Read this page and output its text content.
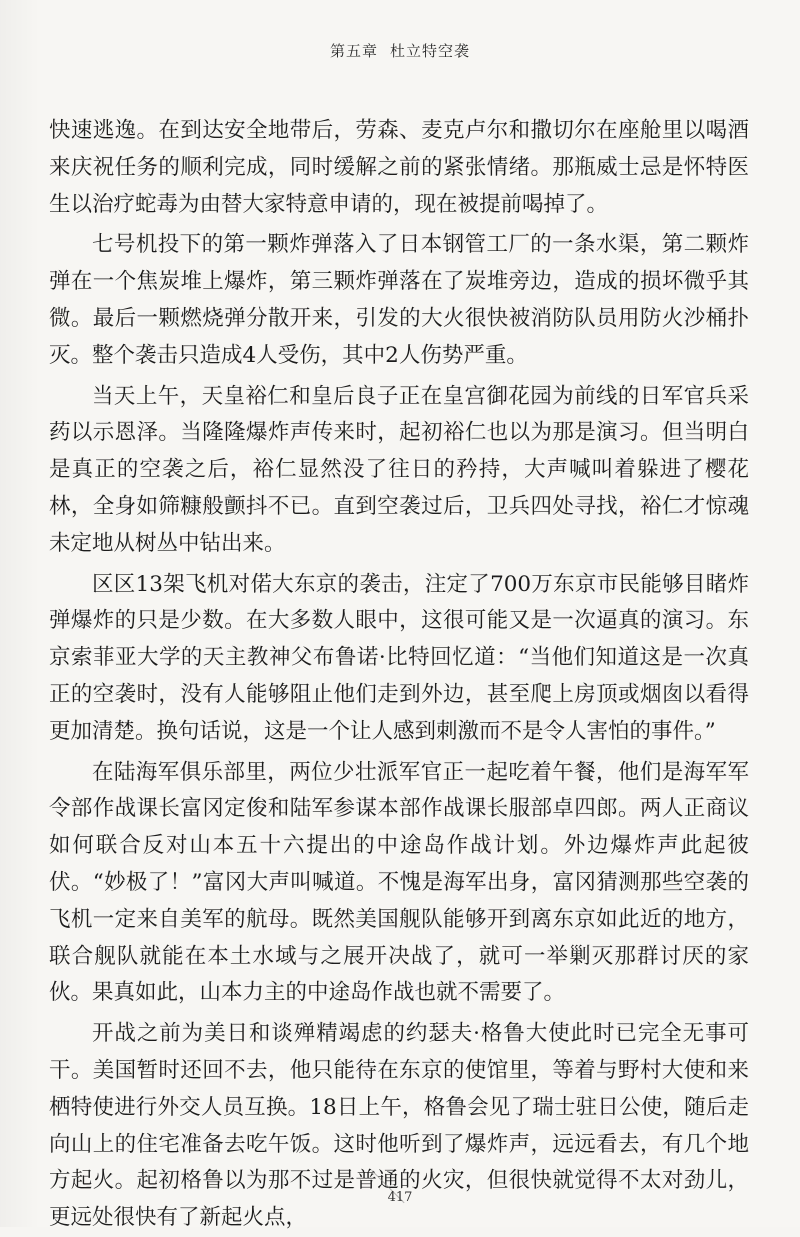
第五章 杜立特空袭

快速逃逸。在到达安全地带后，劳森、麦克卢尔和撒切尔在座舱里以喝酒来庆祝任务的顺利完成，同时缓解之前的紧张情绪。那瓶威士忌是怀特医生以治疗蛇毒为由替大家特意申请的，现在被提前喝掉了。

七号机投下的第一颗炸弹落入了日本钢管工厂的一条水渠，第二颗炸弹在一个焦炭堆上爆炸，第三颗炸弹落在了炭堆旁边，造成的损坏微乎其微。最后一颗燃烧弹分散开来，引发的大火很快被消防队员用防火沙桶扑灭。整个袭击只造成4人受伤，其中2人伤势严重。

当天上午，天皇裕仁和皇后良子正在皇宫御花园为前线的日军官兵采药以示恩泽。当隆隆爆炸声传来时，起初裕仁也以为那是演习。但当明白是真正的空袭之后，裕仁显然没了往日的矜持，大声喊叫着躲进了樱花林，全身如筛糠般颤抖不已。直到空袭过后，卫兵四处寻找，裕仁才惊魂未定地从树丛中钻出来。

区区13架飞机对偌大东京的袭击，注定了700万东京市民能够目睹炸弹爆炸的只是少数。在大多数人眼中，这很可能又是一次逼真的演习。东京索菲亚大学的天主教神父布鲁诺·比特回忆道：“当他们知道这是一次真正的空袭时，没有人能够阻止他们走到外边，甚至爬上房顶或烟囱以看得更加清楚。换句话说，这是一个让人感到刺激而不是令人害怕的事件。”

在陆海军俱乐部里，两位少壮派军官正一起吃着午餐，他们是海军军令部作战课长富冈定俊和陆军参谋本部作战课长服部卓四郎。两人正商议如何联合反对山本五十六提出的中途岛作战计划。外边爆炸声此起彼伏。“妙极了！”富冈大声叫喊道。不愧是海军出身，富冈猜测那些空袭的飞机一定来自美军的航母。既然美国舰队能够开到离东京如此近的地方，联合舰队就能在本土水域与之展开决战了，就可一举剿灭那群讨厌的家伙。果真如此，山本力主的中途岛作战也就不需要了。

开战之前为美日和谈殚精竭虑的约瑟夫·格鲁大使此时已完全无事可干。美国暂时还回不去，他只能待在东京的使馆里，等着与野村大使和来栖特使进行外交人员互换。18日上午，格鲁会见了瑞士驻日公使，随后走向山上的住宅准备去吃午饭。这时他听到了爆炸声，远远看去，有几个地方起火。起初格鲁以为那不过是普通的火灾，但很快就觉得不太对劲儿，更远处很快有了新起火点，

417
